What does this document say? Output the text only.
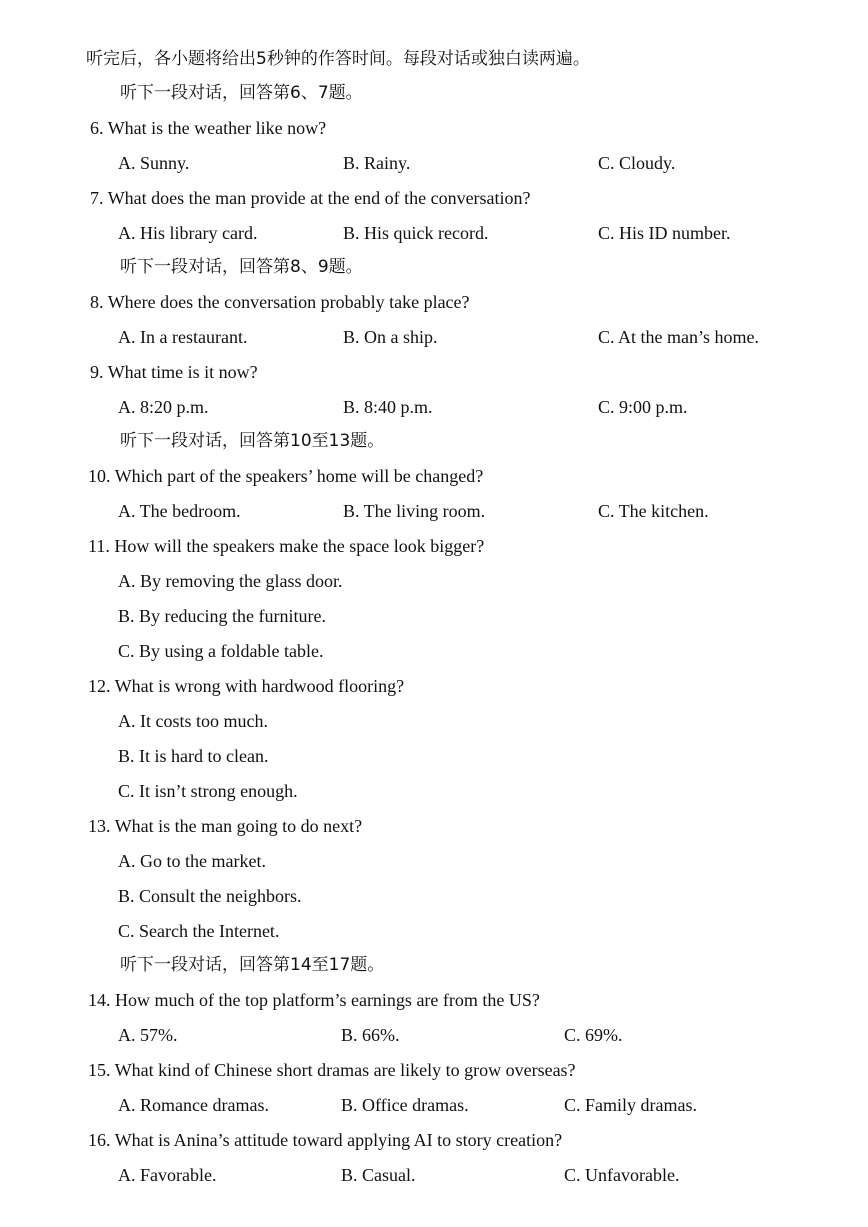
听完后，各小题将给出5秒钟的作答时间。每段对话或独白读两遍。
听下一段对话，回答第6、7题。
6. What is the weather like now?
A. Sunny.	B. Rainy.	C. Cloudy.
7. What does the man provide at the end of the conversation?
A. His library card.	B. His quick record.	C. His ID number.
听下一段对话，回答第8、9题。
8. Where does the conversation probably take place?
A. In a restaurant.	B. On a ship.	C. At the man’s home.
9. What time is it now?
A. 8:20 p.m.	B. 8:40 p.m.	C. 9:00 p.m.
听下一段对话，回答第10至13题。
10. Which part of the speakers’ home will be changed?
A. The bedroom.	B. The living room.	C. The kitchen.
11. How will the speakers make the space look bigger?
A. By removing the glass door.
B. By reducing the furniture.
C. By using a foldable table.
12. What is wrong with hardwood flooring?
A. It costs too much.
B. It is hard to clean.
C. It isn’t strong enough.
13. What is the man going to do next?
A. Go to the market.
B. Consult the neighbors.
C. Search the Internet.
听下一段对话，回答第14至17题。
14. How much of the top platform’s earnings are from the US?
A. 57%.	B. 66%.	C. 69%.
15. What kind of Chinese short dramas are likely to grow overseas?
A. Romance dramas.	B. Office dramas.	C. Family dramas.
16. What is Anina’s attitude toward applying AI to story creation?
A. Favorable.	B. Casual.	C. Unfavorable.
